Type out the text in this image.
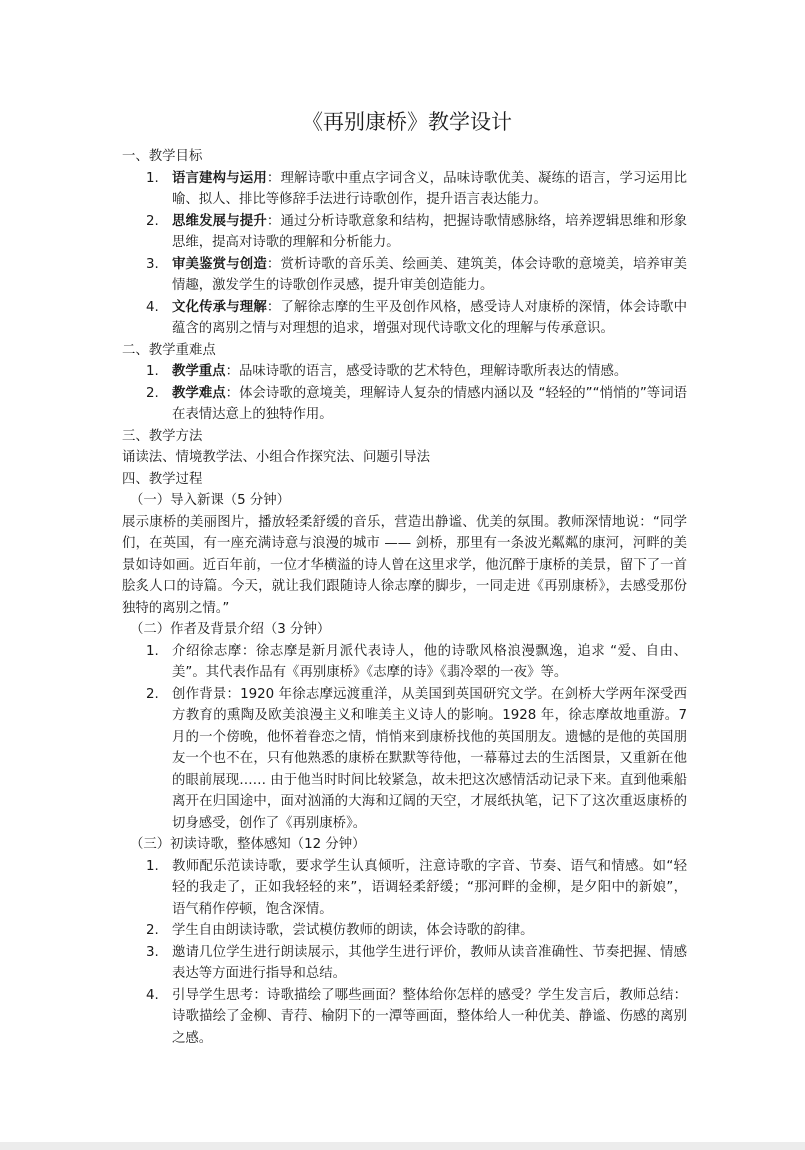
《再别康桥》教学设计
一、教学目标
1. 语言建构与运用：理解诗歌中重点字词含义，品味诗歌优美、凝练的语言，学习运用比喻、拟人、排比等修辞手法进行诗歌创作，提升语言表达能力。
2. 思维发展与提升：通过分析诗歌意象和结构，把握诗歌情感脉络，培养逻辑思维和形象思维，提高对诗歌的理解和分析能力。
3. 审美鉴赏与创造：赏析诗歌的音乐美、绘画美、建筑美，体会诗歌的意境美，培养审美情趣，激发学生的诗歌创作灵感，提升审美创造能力。
4. 文化传承与理解：了解徐志摩的生平及创作风格，感受诗人对康桥的深情，体会诗歌中蕴含的离别之情与对理想的追求，增强对现代诗歌文化的理解与传承意识。
二、教学重难点
1. 教学重点：品味诗歌的语言，感受诗歌的艺术特色，理解诗歌所表达的情感。
2. 教学难点：体会诗歌的意境美，理解诗人复杂的情感内涵以及 “轻轻的”“悄悄的”等词语在表情达意上的独特作用。
三、教学方法
诵读法、情境教学法、小组合作探究法、问题引导法
四、教学过程
（一）导入新课（5 分钟）
展示康桥的美丽图片，播放轻柔舒缓的音乐，营造出静谧、优美的氛围。教师深情地说：“同学们，在英国，有一座充满诗意与浪漫的城市 —— 剑桥，那里有一条波光粼粼的康河，河畔的美景如诗如画。近百年前，一位才华横溢的诗人曾在这里求学，他沉醉于康桥的美景，留下了一首脍炙人口的诗篇。今天，就让我们跟随诗人徐志摩的脚步，一同走进《再别康桥》，去感受那份独特的离别之情。”
（二）作者及背景介绍（3 分钟）
1. 介绍徐志摩：徐志摩是新月派代表诗人，他的诗歌风格浪漫飘逸，追求 “爱、自由、美”。其代表作品有《再别康桥》《志摩的诗》《翡冷翠的一夜》等。
2. 创作背景：1920 年徐志摩远渡重洋，从美国到英国研究文学。在剑桥大学两年深受西方教育的熏陶及欧美浪漫主义和唯美主义诗人的影响。1928 年，徐志摩故地重游。7 月的一个傍晚，他怀着眷恋之情，悄悄来到康桥找他的英国朋友。遗憾的是他的英国朋友一个也不在，只有他熟悉的康桥在默默等待他，一幕幕过去的生活图景，又重新在他的眼前展现…… 由于他当时时间比较紧急，故未把这次感情活动记录下来。直到他乘船离开在归国途中，面对汹涌的大海和辽阔的天空，才展纸执笔，记下了这次重返康桥的切身感受，创作了《再别康桥》。
（三）初读诗歌，整体感知（12 分钟）
1. 教师配乐范读诗歌，要求学生认真倾听，注意诗歌的字音、节奏、语气和情感。如“轻轻的我走了，正如我轻轻的来”，语调轻柔舒缓；“那河畔的金柳，是夕阳中的新娘”，语气稍作停顿，饱含深情。
2. 学生自由朗读诗歌，尝试模仿教师的朗读，体会诗歌的韵律。
3. 邀请几位学生进行朗读展示，其他学生进行评价，教师从读音准确性、节奏把握、情感表达等方面进行指导和总结。
4. 引导学生思考：诗歌描绘了哪些画面？整体给你怎样的感受？学生发言后，教师总结：诗歌描绘了金柳、青荇、榆阴下的一潭等画面，整体给人一种优美、静谧、伤感的离别之感。
